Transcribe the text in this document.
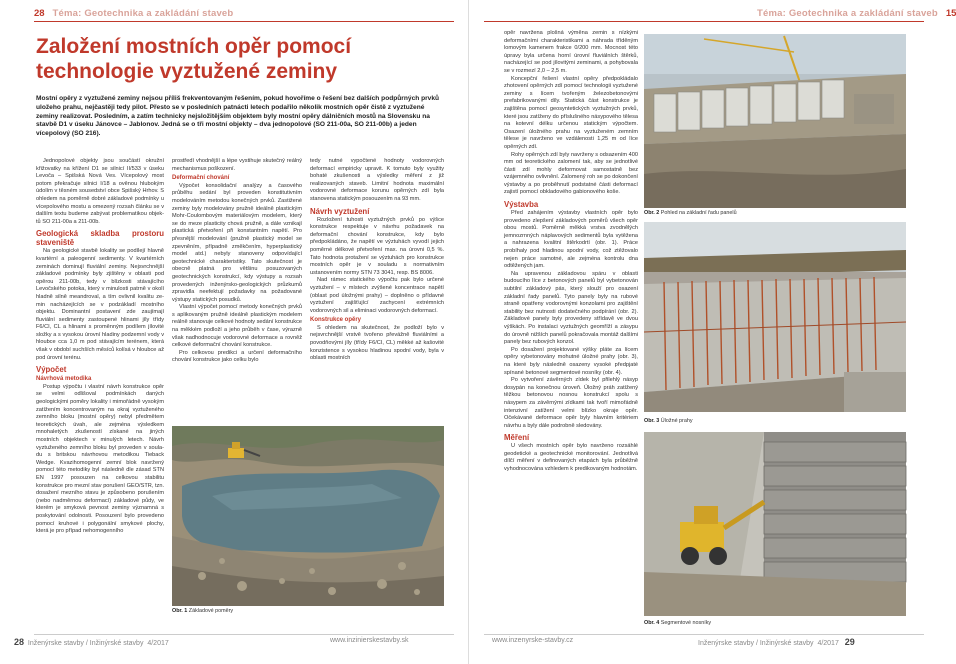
28 Téma: Geotechnika a zakládání staveb
Založení mostních opěr pomocí technologie vyztužené zeminy

Mostní opěry z vyztužené zeminy nejsou příliš frekventovaným řešením, pokud hovoříme o řešení bez dalších podpůrných prvků uložeho prahu, nejčastěji tedy pilot. Přesto se v posledních patnácti letech podařilo několik mostních opěr čistě z vyztužené zeminy realizovat. Posledním, a zatím technicky nejsložitějším objektem byly mostní opěry dálničních mostů na Slovensku na stavbě D1 v úseku Jánovce – Jablonov. Jedná se o tři mostní objekty – dva jednopolové (SO 211-00a, SO 211-00b) a jeden vícepolový (SO 216).

Jednopolové objekty jsou součástí okružní křižovatky na křížení D1 se silnicí II/533 v úseku Levoča – Spišská Nová Ves. Vícepolový most potom překračuje silnici I/18 a ověnou hlubokým údolím v těsném sousedství obce Spišský Hrhov. S ohledem na poměrně dobré základové podmínky u vícepolového mostu a omezený rozsah článku se v dalším textu budeme zabývat problematikou objektů SO 211-00a a 211-00b.

Geologická skladba prostoru staveniště

Na geologické stavbě lokality se podílejí hlavně kvartérní a paleogenní sedimenty. V kvartérních zeminách dominují fluviální zeminy. Nejsvrchnější základové podmínky byly zjištěny v oblasti pod opěrou 211-00b, tedy v blízkosti stávajícího Levočského potoka, který v minulosti patrně v okolí hladně silně meandroval, a tím ovlivnil kvalitu zemin nacházejících se v podzákladí mostního objektu. Dominantní postavení zde zaujímají fluviální sedimenty zastoupené hlinami jíly třídy F6/CI, CL a hlinami s proměnným podílem jílovité složky a s vysokou úrovní hladiny podzemní vody v hloubce cca 1,0 m pod stávajícím terénem, která však v období suchších měsíců kolísá v hloubce až pod úrovní terénu.

Výpočet
Návrhová metodika

Postup výpočtu i vlastní návrh konstrukce opěr se velmi odlišoval podmínkách daných geologickými poměry lokality i mimořádně vysokým zatížením koncentrovaným na okraj vyztuženého zemního bloku (mostní opěry) nebyl předmětem teoretických úvah, ale zejména výsledkem mnohaletých zkušeností získané na jiných mostních objektech v minulých letech. Návrh vyztuženého zemního bloku byl proveden v souladu s britskou návrhovou metodikou Tieback Wedge. Kvazihomogenní zemní blok navržený pomocí této metodiky byl následně dle zásad STN EN 1997 posouzen na celkovou stabilitu konstrukce pro mezní stav porušení GEO/STR, tzn. dosažení mezního stavu je způsobeno porušením (nebo nadměrnou deformací) základové půdy, ve kterém je smyková pevnost zeminy významná s poskytování odolnosti. Posouzení bylo provedeno pomocí kruhové i polygonální smykové plochy, která je pro případ nehomogenního

prostředí vhodnější a lépe vystihuje skutečný reálný mechanismus poškození.

Deformační chování

Výpočet konsolidační analýzy a časového průběhu sedání byl proveden konstitutivním modelováním metodou konečných prvků. Zastižené zeminy byly modelovány pružně ideálně plastickým Mohr-Coulombovým materiálovým modelem, který se do meze plasticity chová pružně, a dále vznikají plastická přetvoření při konstantním napětí. Pro přesnější modelování (pružně plastický model se zpevněním, případně změkčením, hyperplastický model atd.) nebyly stanoveny odpovídající geotechnické charakteristiky. Tato skutečnost je obecně platná pro většinu posuzovaných geotechnických konstrukcí, kdy výstupy a rozsah provedených inženýrsko-geologických průzkumů zpravidla neefektují požadavky na požadované výstupy statických posudků.

Vlastní výpočet pomocí metody konečných prvků s aplikovaným pružně ideálně plastickým modelem reálně stanovuje celkové hodnoty sedání konstrukce na měkkém podloží a jeho průběh v čase, výrazně však nadhodnocuje vodorovné deformace a rovněž celkové deformační chování konstrukce.

Pro celkovou predikci a určení deformačního chování konstrukce jako celku bylo

tedy nutné vypočtené hodnoty vodorovných deformací empiricky upravit. K tomuto byly využity bohaté zkušenosti a výsledky měření z již realizovaných staveb. Limitní hodnota maximální vodorovné deformace korunu opěrných zdí byla stanovena statickým posouzením na 93 mm.

Návrh vyztužení

Rozložení tuhosti vyztužných prvků po výšce konstrukce respektuje v návrhu požadavek na deformační chování konstrukce, kdy bylo předpokládáno, že napětí ve výztuhách vyvodí jejich poměrné délkové přetvoření max. na úrovni 0,5 %. Tato hodnota protažení se výztuhách pro konstrukce mostních opěr je v souladu s normativním ustanovením normy STN 73 3041, resp. BS 8006.

Nad rámec statického výpočtu pak bylo určené vyztužení – v místech zvýšené koncentrace napětí (oblast pod úložnými prahy) – doplněno o přídavné vyztužení zajišťující zachycení extrémních vodorovných sil a eliminaci vodorovných deformací.

Konstrukce opěry

S ohledem na skutečnost, že podloží bylo v nejsvrchnější vrstvě tvořeno převážně fluviálními a povodňovými jíly (třídy F6/CI, CL) měkké až kašovité konzistence s vysokou hladinou spodní vody, byla v oblasti mostních

Obr. 1 Základové poměry
28 Inženýrske stavby / Inžinýrské stavby 4/2017	www.inzinierskestavby.sk
Téma: Geotechnika a zakládání staveb 15

opěr navržena plošná výměna zemin s nízkými deformačními charakteristikami a náhrada tříděným lomovým kamenem frakce 0/200 mm. Mocnost této úpravy byla určena horní úrovní fluviálních štěrků, nacházející se pod jílovitými zeminami, a pohybovala se v rozmezí 2,0 – 2,5 m.

Koncepční řešení vlastní opěry předpokládalo zhotovení opěrných zdí pomocí technologii vyztužené zeminy s lícem tvořeným železobetonovými prefabrikovanými díly. Statická část konstrukce je zajištěna pomocí geosyntetických vyztužných prvků, které jsou zatíženy do příslušného násypového tělesa na kotevní délku určenou statickým výpočtem. Osazení úložného prahu na vyztuženém zemním tělese je navrženo ve vzdálenosti 1,25 m od líce opěrných zdí.

Rohy opěrných zdí byly navrženy s odsazením 400 mm od teoretického zalomení tak, aby se jednotlivé části zdí mohly deformovat samostatně bez vzájemného ovlivnění. Zalomený roh se po dokončení výstavby a po proběhnutí podstatné části deformací zajistí pomocí obkladového gabionového koše.

Výstavba

Před zahájením výstavby vlastních opěr bylo provedeno zlepšení základových poměrů všech opěr obou mostů. Poměrně měkká vrstva zvodnělých jemnozrnných náplavových sedimentů byla vytěžena a nahrazena kvalitní štěrkodrtí (obr. 1). Práce probíhaly pod hladinou spodní vody, což ztěžovalo nejen práce samotné, ale zejména kontrolu dna odtěžených jam.

Na upravenou základovou spáru v oblasti budoucího líce z betonových panelů byl vybetonován subtilní základový pás, který slouží pro osazení základní řady panelů. Tyto panely byly na rubové straně opatřeny vodorovnými konzolami pro zajištění stability bez nutnosti dodatečného podpírání (obr. 2). Základové panely byly provedeny střídavě ve dvou výškách. Po instalaci vyztužných geomříží a zásypu do úrovně nižších panelů pokračovala montáž dalšími panely bez rubových konzol.

Po dosažení projektované výšky pláte za lícem opěry vybetonovány mohutné úložné prahy (obr. 3), na které byly následně osazeny vysoké předpjaté spínané betonové segmentové nosníky (obr. 4).

Po vytvoření závěrných zídek byl přilehlý násyp dosypán na konečnou úroveň. Úložný práh zatížený těžkou betonovou nosnou konstrukcí spolu s násypem za závěrnými zídkami tak tvoří mimořádně intenzivní zatížení velmi blízko okraje opěr. Očekávané deformace opěr byly hlavním kritériem návrhu a byly dále podrobně sledovány.

Měření

U všech mostních opěr bylo navrženo rozsáhlé geodetické a geotechnické monitorování. Jednotlivá dílčí měření v definovaných etapách byla průběžně vyhodnocována vzhledem k predikovaným hodnotám.

Obr. 2 Pohled na základní řadu panelů
Obr. 3 Úložné prahy
Obr. 4 Segmentové nosníky
www.inzenyrske-stavby.cz	Inženýrske stavby / Inžinýrské stavby 4/2017 29
